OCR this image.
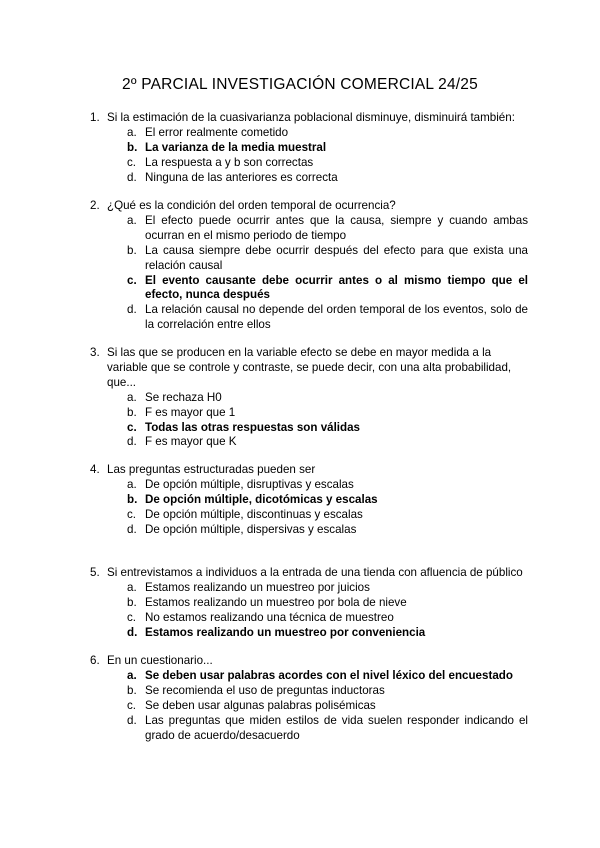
2º PARCIAL INVESTIGACIÓN COMERCIAL 24/25
1. Si la estimación de la cuasivarianza poblacional disminuye, disminuirá también:
a. El error realmente cometido
b. La varianza de la media muestral
c. La respuesta a y b son correctas
d. Ninguna de las anteriores es correcta
2. ¿Qué es la condición del orden temporal de ocurrencia?
a. El efecto puede ocurrir antes que la causa, siempre y cuando ambas ocurran en el mismo periodo de tiempo
b. La causa siempre debe ocurrir después del efecto para que exista una relación causal
c. El evento causante debe ocurrir antes o al mismo tiempo que el efecto, nunca después
d. La relación causal no depende del orden temporal de los eventos, solo de la correlación entre ellos
3. Si las que se producen en la variable efecto se debe en mayor medida a la variable que se controle y contraste, se puede decir, con una alta probabilidad, que...
a. Se rechaza H0
b. F es mayor que 1
c. Todas las otras respuestas son válidas
d. F es mayor que K
4. Las preguntas estructuradas pueden ser
a. De opción múltiple, disruptivas y escalas
b. De opción múltiple, dicotómicas y escalas
c. De opción múltiple, discontinuas y escalas
d. De opción múltiple, dispersivas y escalas
5. Si entrevistamos a individuos a la entrada de una tienda con afluencia de público
a. Estamos realizando un muestreo por juicios
b. Estamos realizando un muestreo por bola de nieve
c. No estamos realizando una técnica de muestreo
d. Estamos realizando un muestreo por conveniencia
6. En un cuestionario...
a. Se deben usar palabras acordes con el nivel léxico del encuestado
b. Se recomienda el uso de preguntas inductoras
c. Se deben usar algunas palabras polisémicas
d. Las preguntas que miden estilos de vida suelen responder indicando el grado de acuerdo/desacuerdo
